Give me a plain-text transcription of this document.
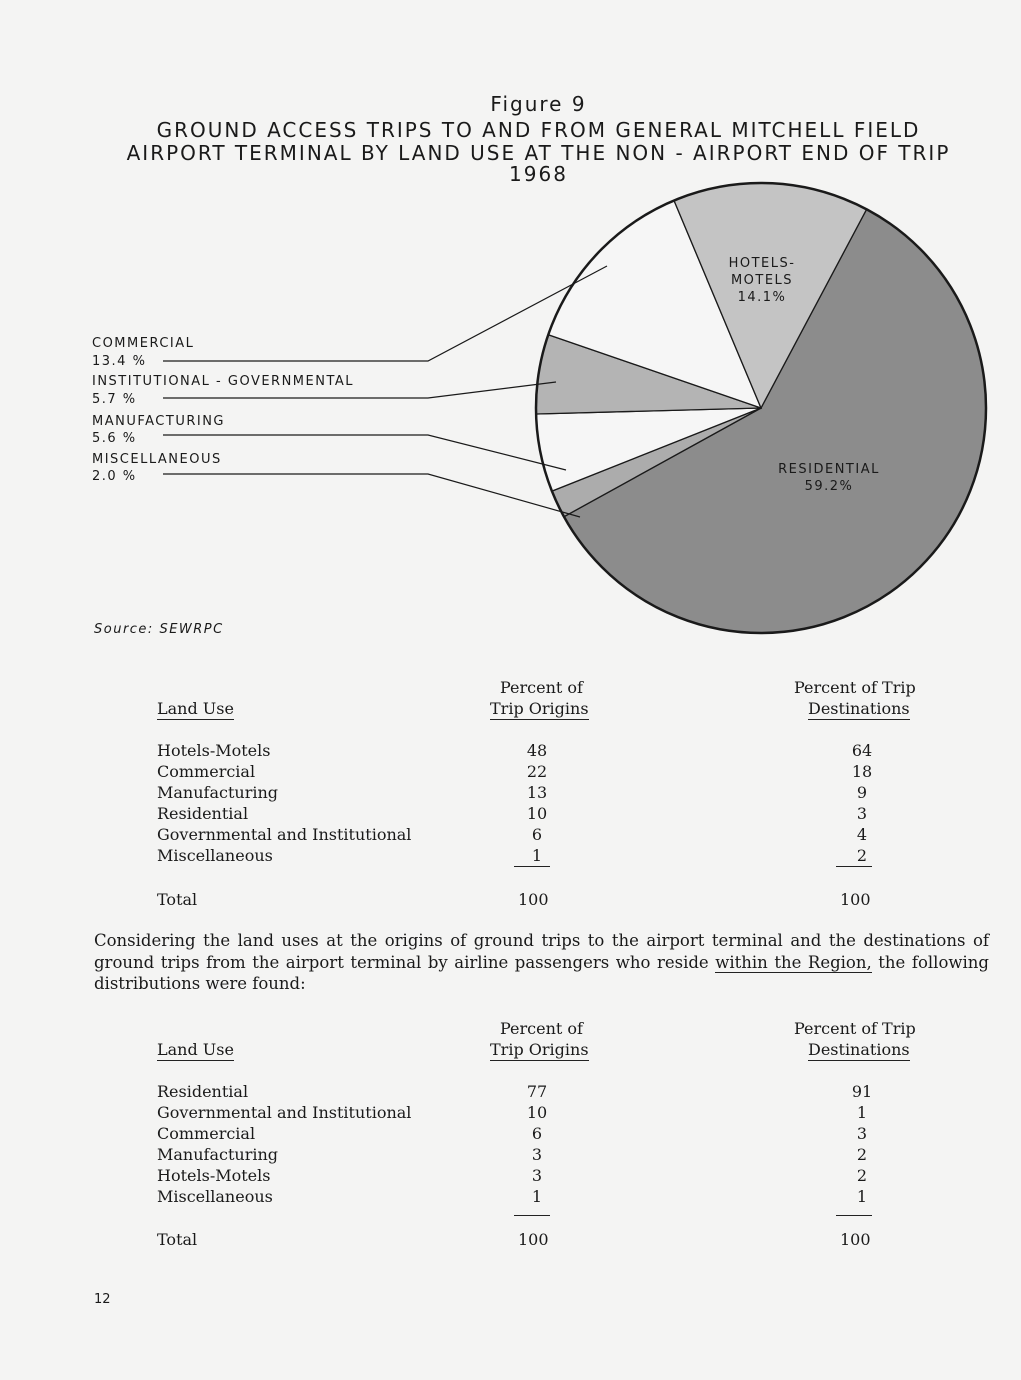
Figure 9
GROUND ACCESS TRIPS TO AND FROM GENERAL MITCHELL FIELD
AIRPORT TERMINAL BY LAND USE AT THE NON - AIRPORT END OF TRIP
1968
COMMERCIAL
13.4 %
INSTITUTIONAL - GOVERNMENTAL
5.7 %
MANUFACTURING
5.6 %
MISCELLANEOUS
2.0 %
HOTELS-
MOTELS
14.1%
RESIDENTIAL
59.2%
Source: SEWRPC
Percent of	Percent of Trip
Land Use	Trip Origins	Destinations
Hotels-Motels	48	64
Commercial	22	18
Manufacturing	13	9
Residential	10	3
Governmental and Institutional	6	4
Miscellaneous	1	2
Total	100	100
Considering the land uses at the origins of ground trips to the airport terminal and the destinations of ground trips from the airport terminal by airline passengers who reside within the Region, the following distributions were found:
Percent of	Percent of Trip
Land Use	Trip Origins	Destinations
Residential	77	91
Governmental and Institutional	10	1
Commercial	6	3
Manufacturing	3	2
Hotels-Motels	3	2
Miscellaneous	1	1
Total	100	100
12
